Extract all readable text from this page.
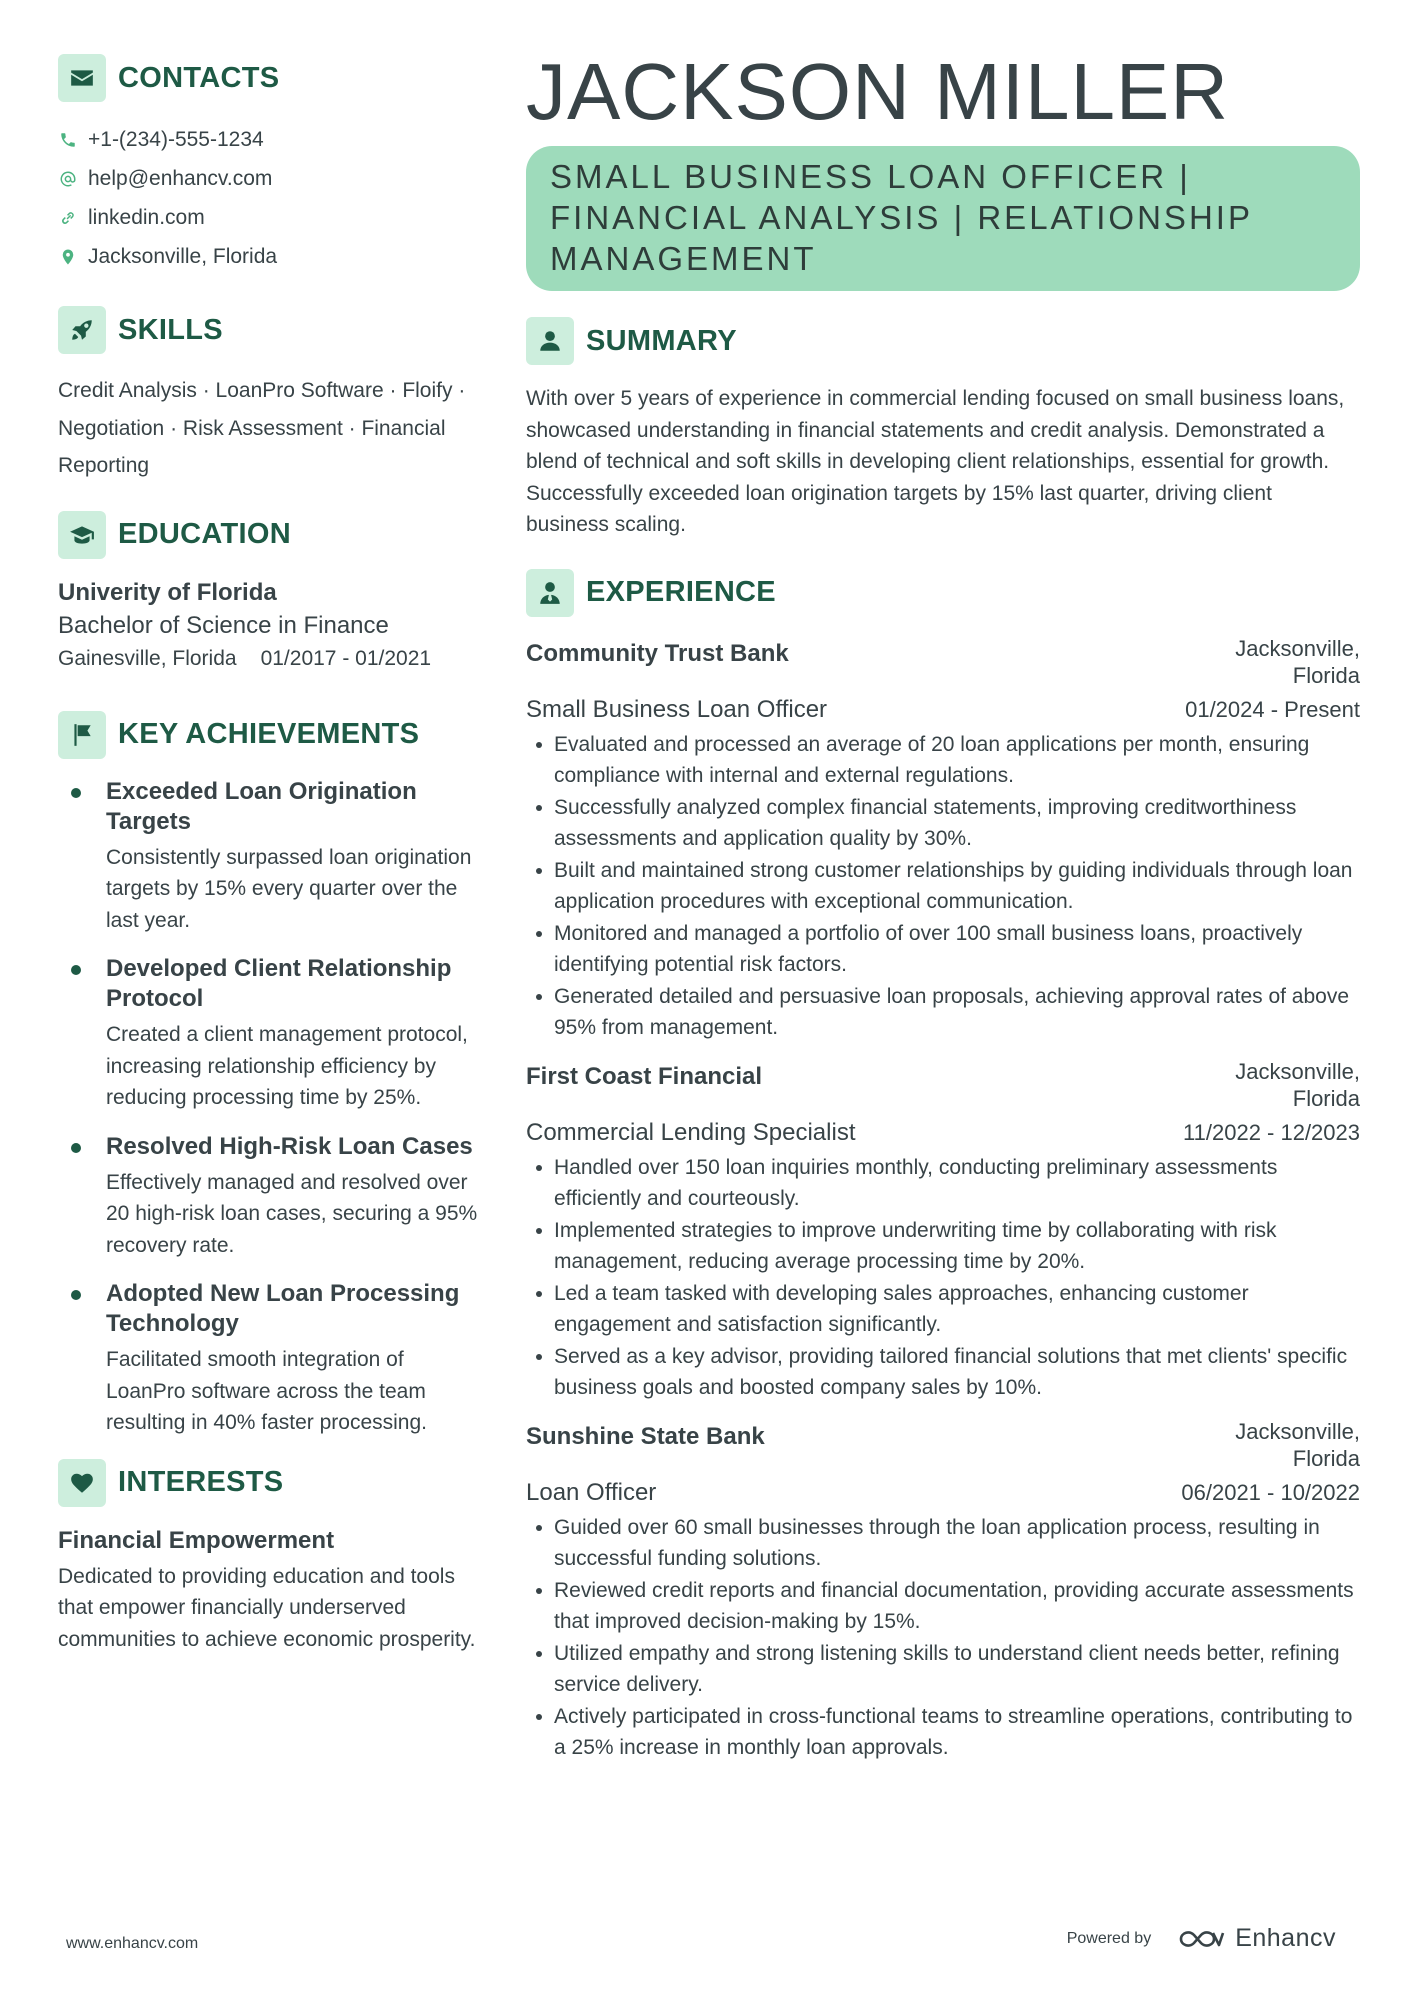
CONTACTS
+1-(234)-555-1234
help@enhancv.com
linkedin.com
Jacksonville, Florida
SKILLS
Credit Analysis · LoanPro Software · Floify · Negotiation · Risk Assessment · Financial Reporting
EDUCATION
Univerity of Florida
Bachelor of Science in Finance
Gainesville, Florida 01/2017 - 01/2021
KEY ACHIEVEMENTS
Exceeded Loan Origination Targets
Consistently surpassed loan origination targets by 15% every quarter over the last year.
Developed Client Relationship Protocol
Created a client management protocol, increasing relationship efficiency by reducing processing time by 25%.
Resolved High-Risk Loan Cases
Effectively managed and resolved over 20 high-risk loan cases, securing a 95% recovery rate.
Adopted New Loan Processing Technology
Facilitated smooth integration of LoanPro software across the team resulting in 40% faster processing.
INTERESTS
Financial Empowerment
Dedicated to providing education and tools that empower financially underserved communities to achieve economic prosperity.
JACKSON MILLER
SMALL BUSINESS LOAN OFFICER | FINANCIAL ANALYSIS | RELATIONSHIP MANAGEMENT
SUMMARY
With over 5 years of experience in commercial lending focused on small business loans, showcased understanding in financial statements and credit analysis. Demonstrated a blend of technical and soft skills in developing client relationships, essential for growth. Successfully exceeded loan origination targets by 15% last quarter, driving client business scaling.
EXPERIENCE
Community Trust Bank	Jacksonville, Florida
Small Business Loan Officer	01/2024 - Present
Evaluated and processed an average of 20 loan applications per month, ensuring compliance with internal and external regulations.
Successfully analyzed complex financial statements, improving creditworthiness assessments and application quality by 30%.
Built and maintained strong customer relationships by guiding individuals through loan application procedures with exceptional communication.
Monitored and managed a portfolio of over 100 small business loans, proactively identifying potential risk factors.
Generated detailed and persuasive loan proposals, achieving approval rates of above 95% from management.
First Coast Financial	Jacksonville, Florida
Commercial Lending Specialist	11/2022 - 12/2023
Handled over 150 loan inquiries monthly, conducting preliminary assessments efficiently and courteously.
Implemented strategies to improve underwriting time by collaborating with risk management, reducing average processing time by 20%.
Led a team tasked with developing sales approaches, enhancing customer engagement and satisfaction significantly.
Served as a key advisor, providing tailored financial solutions that met clients' specific business goals and boosted company sales by 10%.
Sunshine State Bank	Jacksonville, Florida
Loan Officer	06/2021 - 10/2022
Guided over 60 small businesses through the loan application process, resulting in successful funding solutions.
Reviewed credit reports and financial documentation, providing accurate assessments that improved decision-making by 15%.
Utilized empathy and strong listening skills to understand client needs better, refining service delivery.
Actively participated in cross-functional teams to streamline operations, contributing to a 25% increase in monthly loan approvals.
www.enhancv.com	Powered by	Enhancv
